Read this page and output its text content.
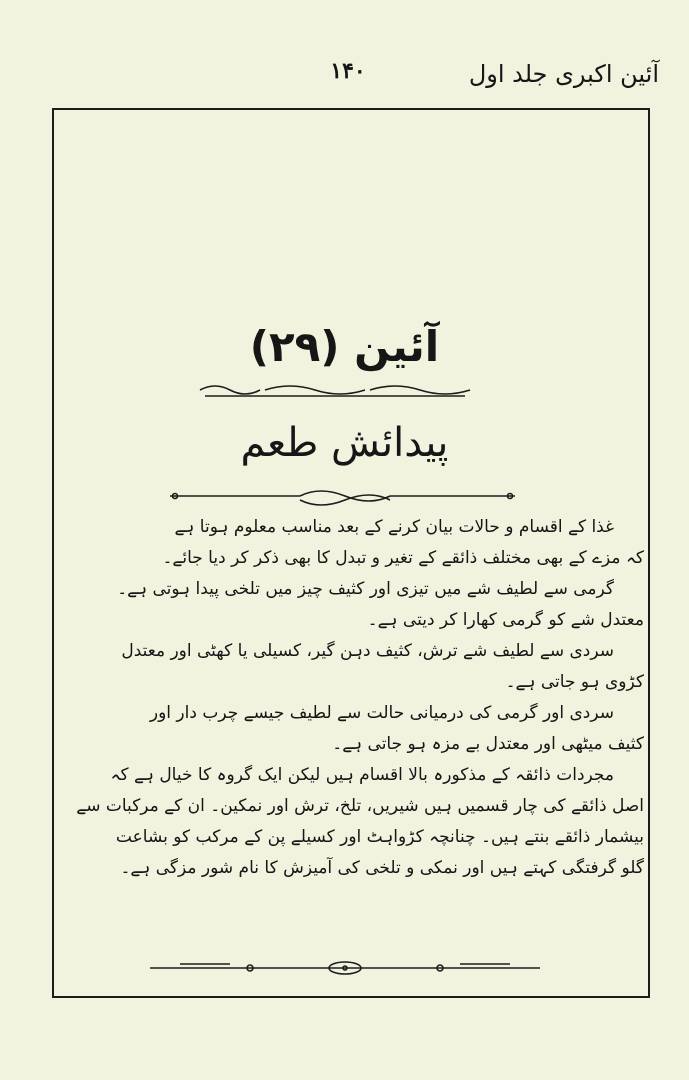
۱۴۰	آئین اکبری جلد اول
آئین (۲۹)
پیدائش طعم
غذا کے اقسام و حالات بیان کرنے کے بعد مناسب معلوم ہوتا ہے
کہ مزے کے بھی مختلف ذائقے کے تغیر و تبدل کا بھی ذکر کر دیا جائے۔
گرمی سے لطیف شے میں تیزی اور کثیف چیز میں تلخی پیدا ہوتی ہے۔
معتدل شے کو گرمی کھارا کر دیتی ہے۔
سردی سے لطیف شے ترش، کثیف دہن گیر، کسیلی یا کھٹی اور معتدل
کڑوی ہو جاتی ہے۔
سردی اور گرمی کی درمیانی حالت سے لطیف جیسے چرب دار اور
کثیف میٹھی اور معتدل بے مزہ ہو جاتی ہے۔
مجردات ذائقہ کے مذکورہ بالا اقسام ہیں لیکن ایک گروہ کا خیال ہے کہ
اصل ذائقے کی چار قسمیں ہیں شیریں، تلخ، ترش اور نمکین۔ ان کے مرکبات سے
بیشمار ذائقے بنتے ہیں۔ چنانچہ کڑواہٹ اور کسیلے پن کے مرکب کو بشاعت
گلو گرفتگی کہتے ہیں اور نمکی و تلخی کی آمیزش کا نام شور مزگی ہے۔
